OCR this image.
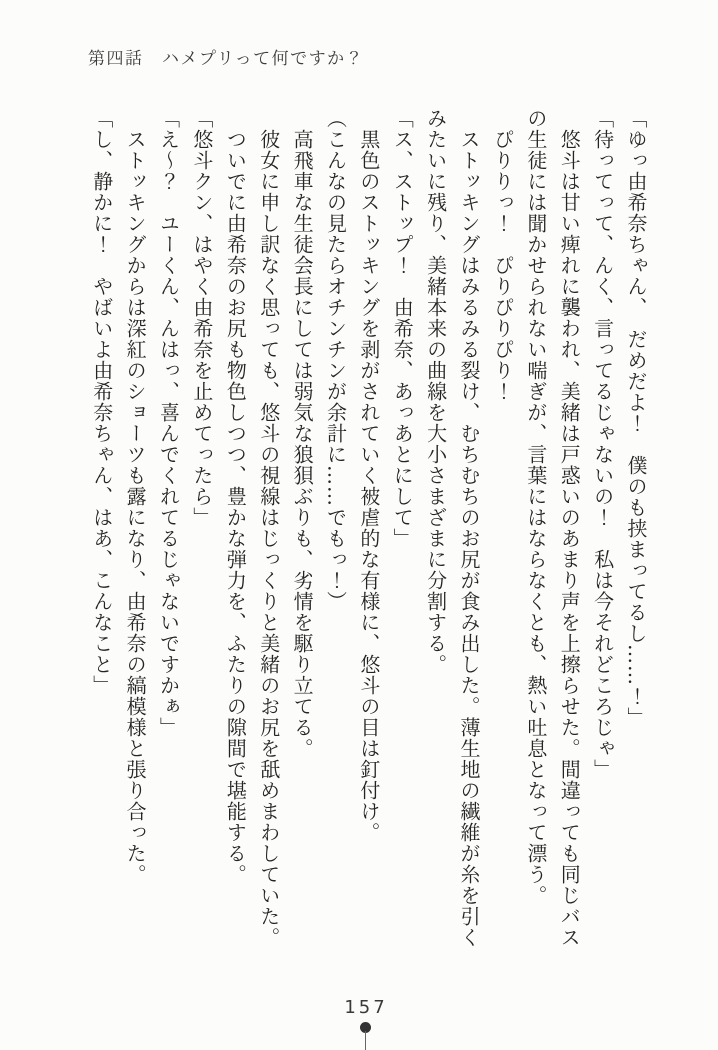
第四話　ハメプリって何ですか？
「ゆっ由希奈ちゃん、　だめだよ！　僕のも挟まってるし……！」
「待ってって、んく、言ってるじゃないの！　私は今それどころじゃ」
　悠斗は甘い痺れに襲われ、美緒は戸惑いのあまり声を上擦らせた。間違っても同じバス
の生徒には聞かせられない喘ぎが、言葉にはならなくとも、熱い吐息となって漂う。
　ぴりりっ！　ぴりぴりぴり！
　ストッキングはみるみる裂け、むちむちのお尻が食み出した。薄生地の繊維が糸を引く
みたいに残り、美緒本来の曲線を大小さまざまに分割する。
「ス、ストップ！　由希奈、あっあとにして」
　黒色のストッキングを剥がされていく被虐的な有様に、悠斗の目は釘付け。
（こんなの見たらオチンチンが余計に……でもっ！）
　高飛車な生徒会長にしては弱気な狼狽ぶりも、劣情を駆り立てる。
　彼女に申し訳なく思っても、悠斗の視線はじっくりと美緒のお尻を舐めまわしていた。
　ついでに由希奈のお尻も物色しつつ、豊かな弾力を、ふたりの隙間で堪能する。
「悠斗クン、はやく由希奈を止めてったら」
「え〜？　ユーくん、んはっ、喜んでくれてるじゃないですかぁ」
　ストッキングからは深紅のショーツも露になり、由希奈の縞模様と張り合った。
「し、静かに！　やばいよ由希奈ちゃん、はあ、こんなこと」
157
